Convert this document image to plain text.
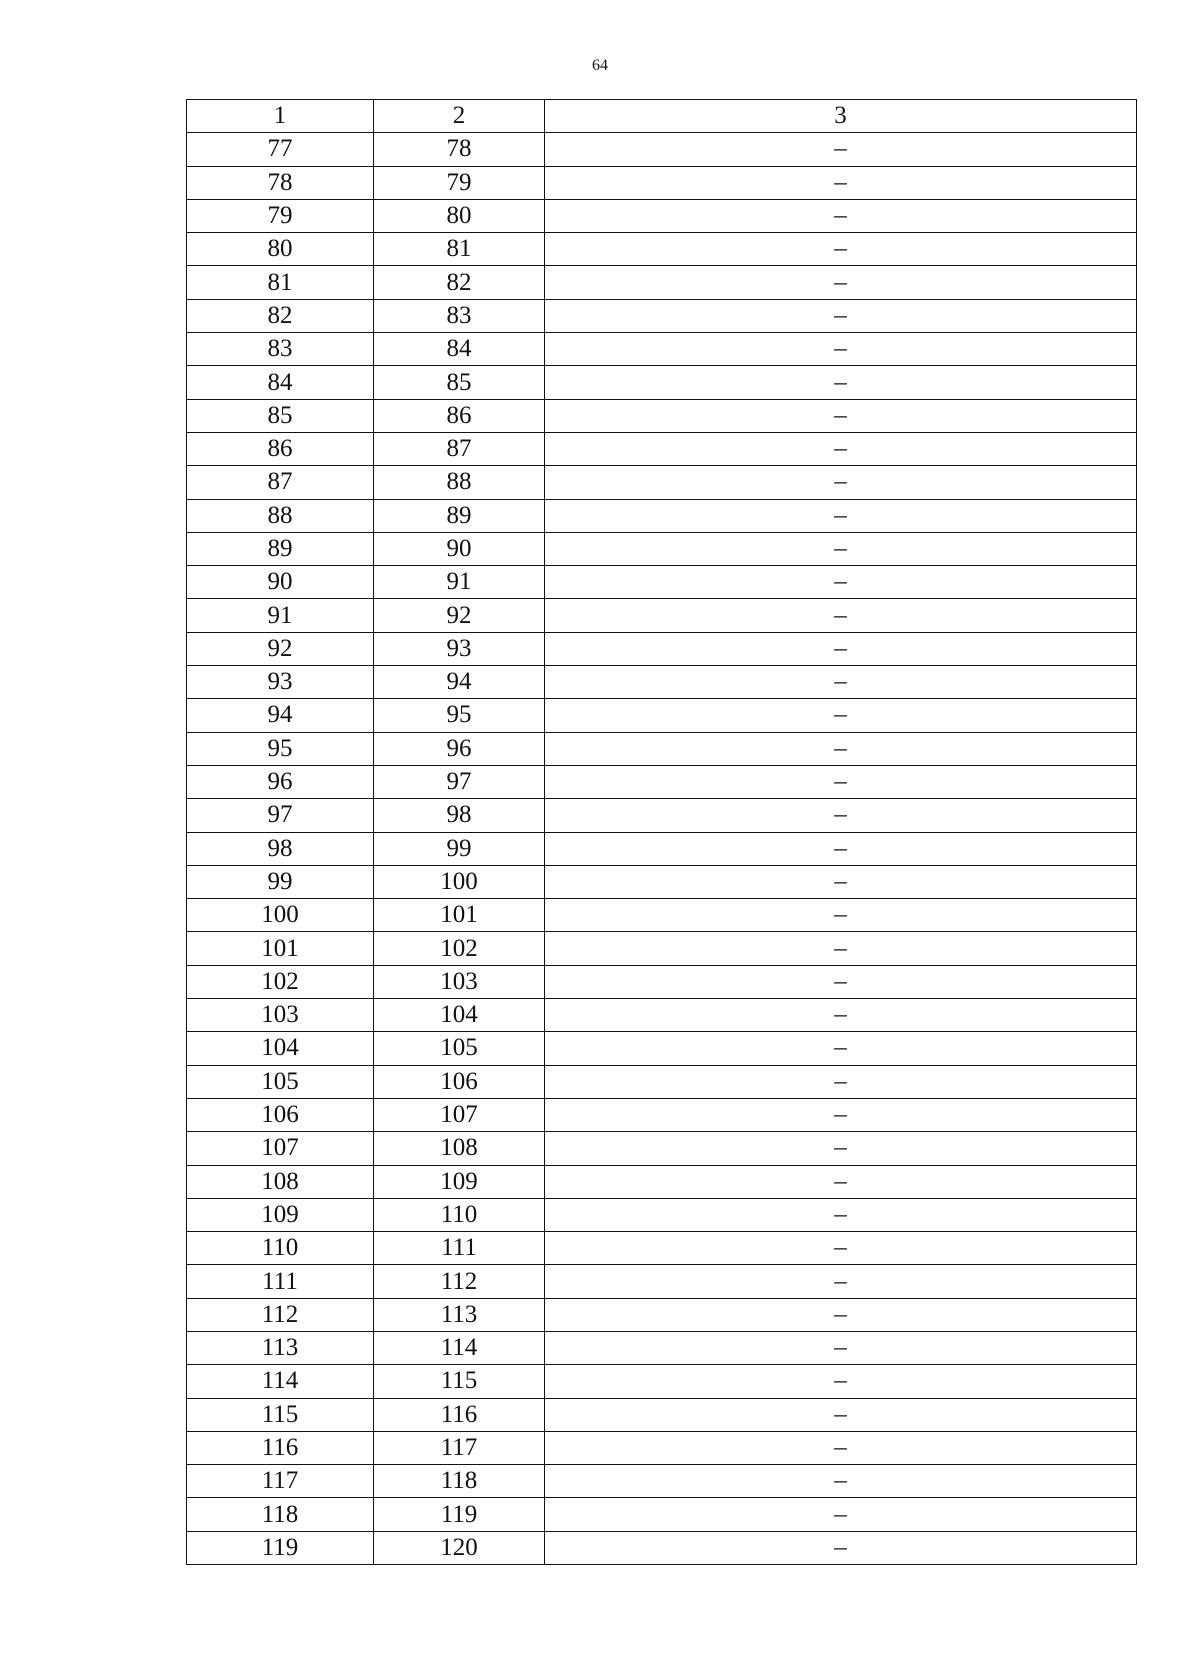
64
1	2	3
77	78	–
78	79	–
79	80	–
80	81	–
81	82	–
82	83	–
83	84	–
84	85	–
85	86	–
86	87	–
87	88	–
88	89	–
89	90	–
90	91	–
91	92	–
92	93	–
93	94	–
94	95	–
95	96	–
96	97	–
97	98	–
98	99	–
99	100	–
100	101	–
101	102	–
102	103	–
103	104	–
104	105	–
105	106	–
106	107	–
107	108	–
108	109	–
109	110	–
110	111	–
111	112	–
112	113	–
113	114	–
114	115	–
115	116	–
116	117	–
117	118	–
118	119	–
119	120	–
